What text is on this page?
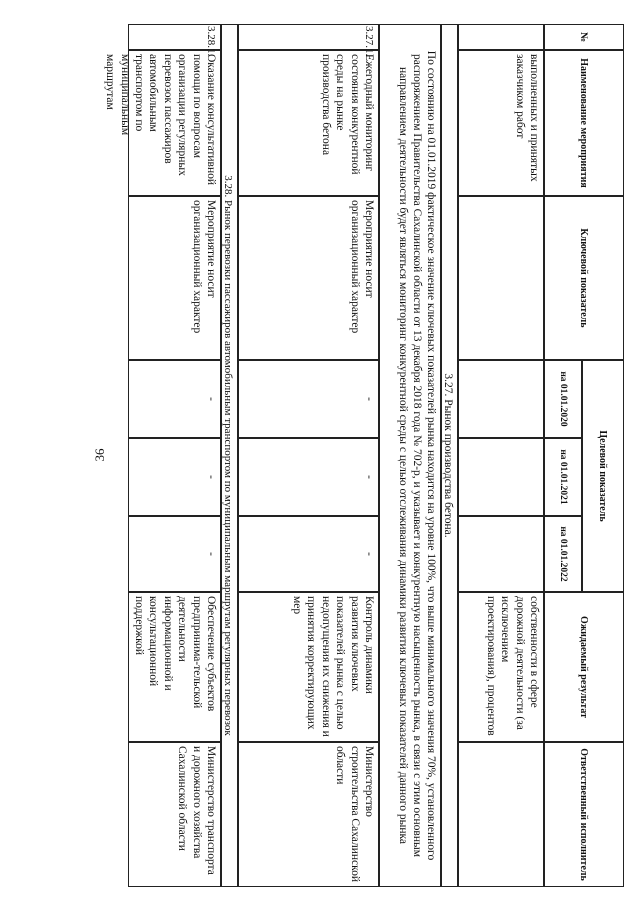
36
№
Наименование мероприятия
Ключевой показатель
Целевой показатель
на 01.01.2020
на 01.01.2021
на 01.01.2022
Ожидаемый результат
Ответственный исполнитель
выполненных и принятых заказчиком работ
собственности в сфере дорожной деятельности (за исключением проектирования), процентов
3.27. Рынок производства бетона.
По состоянию на 01.01.2019 фактическое значение ключевых показателей рынка находится на уровне 100%, что выше минимального значения 70%, установленного распоряжением Правительства Сахалинской области от 13 декабря 2018 года № 702-р, и указывает и конкурентную насыщенность рынка, в связи с этим основным направлением деятельности будет являться мониторинг конкурентной среды с целью отслеживания динамики развития ключевых показателей данного рынка
3.27.1.
Ежегодный мониторинг состояния конкурентной среды на рынке производства бетона
Мероприятие носит организационный характер
-
-
-
Контроль динамики развития ключевых показателей рынка с целью недопущения их снижения и принятия корректирующих мер
Министерство строительства Сахалинской области
3.28. Рынок перевозки пассажиров автомобильным транспортом по муниципальным маршрутам регулярных перевозок
3.28.1.
Оказание консультативной помощи по вопросам организации регулярных перевозок пассажиров автомобильным транспортом по муниципальным маршрутам
Мероприятие носит организационный характер
-
-
-
Обеспечение субъектов предпринима-тельской деятельности информационной и консультационной поддержкой
Министерство транспорта и дорожного хозяйства Сахалинской области
